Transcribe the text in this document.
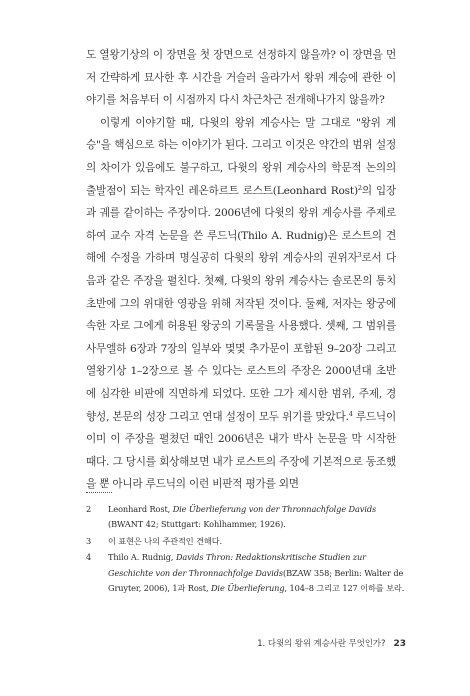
도 열왕기상의 이 장면을 첫 장면으로 선정하지 않을까? 이 장면을 먼저 간략하게 묘사한 후 시간을 거슬러 올라가서 왕위 계승에 관한 이야기를 처음부터 이 시점까지 다시 차근차근 전개해나가지 않을까?

이렇게 이야기할 때, 다윗의 왕위 계승사는 말 그대로 "왕위 계승"을 핵심으로 하는 이야기가 된다. 그리고 이것은 약간의 범위 설정의 차이가 있음에도 불구하고, 다윗의 왕위 계승사의 학문적 논의의 출발점이 되는 학자인 레온하르트 로스트(Leonhard Rost)$^2$의 입장과 궤를 같이하는 주장이다. 2006년에 다윗의 왕위 계승사를 주제로 하여 교수 자격 논문을 쓴 루드닉(Thilo A. Rudnig)은 로스트의 견해에 수정을 가하며 명실공히 다윗의 왕위 계승사의 권위자$^3$로서 다음과 같은 주장을 펼친다. 첫째, 다윗의 왕위 계승사는 솔로몬의 통치 초반에 그의 위대한 영광을 위해 저작된 것이다. 둘째, 저자는 왕궁에 속한 자로 그에게 허용된 왕궁의 기록물을 사용했다. 셋째, 그 범위를 사무엘하 6장과 7장의 일부와 몇몇 추가문이 포함된 9–20장 그리고 열왕기상 1–2장으로 볼 수 있다는 로스트의 주장은 2000년대 초반에 심각한 비판에 직면하게 되었다. 또한 그가 제시한 범위, 주제, 경향성, 본문의 성장 그리고 연대 설정이 모두 위기를 맞았다.$^4$ 루드닉이 이미 이 주장을 펼쳤던 때인 2006년은 내가 박사 논문을 막 시작한 때다. 그 당시를 회상해보면 내가 로스트의 주장에 기본적으로 동조했을 뿐 아니라 루드닉의 이런 비판적 평가를 외면

2	Leonhard Rost, Die Überlieferung von der Thronnachfolge Davids (BWANT 42; Stuttgart: Kohlhammer, 1926).
3	이 표현은 나의 주관적인 견해다.
4	Thilo A. Rudnig, Davids Thron: Redaktionskritische Studien zur Geschichte von der Thronnachfolge Davids(BZAW 358; Berlin: Walter de Gruyter, 2006), 1과 Rost, Die Überlieferung, 104–8 그리고 127 이하를 보라.
1. 다윗의 왕위 계승사란 무엇인가? 23
